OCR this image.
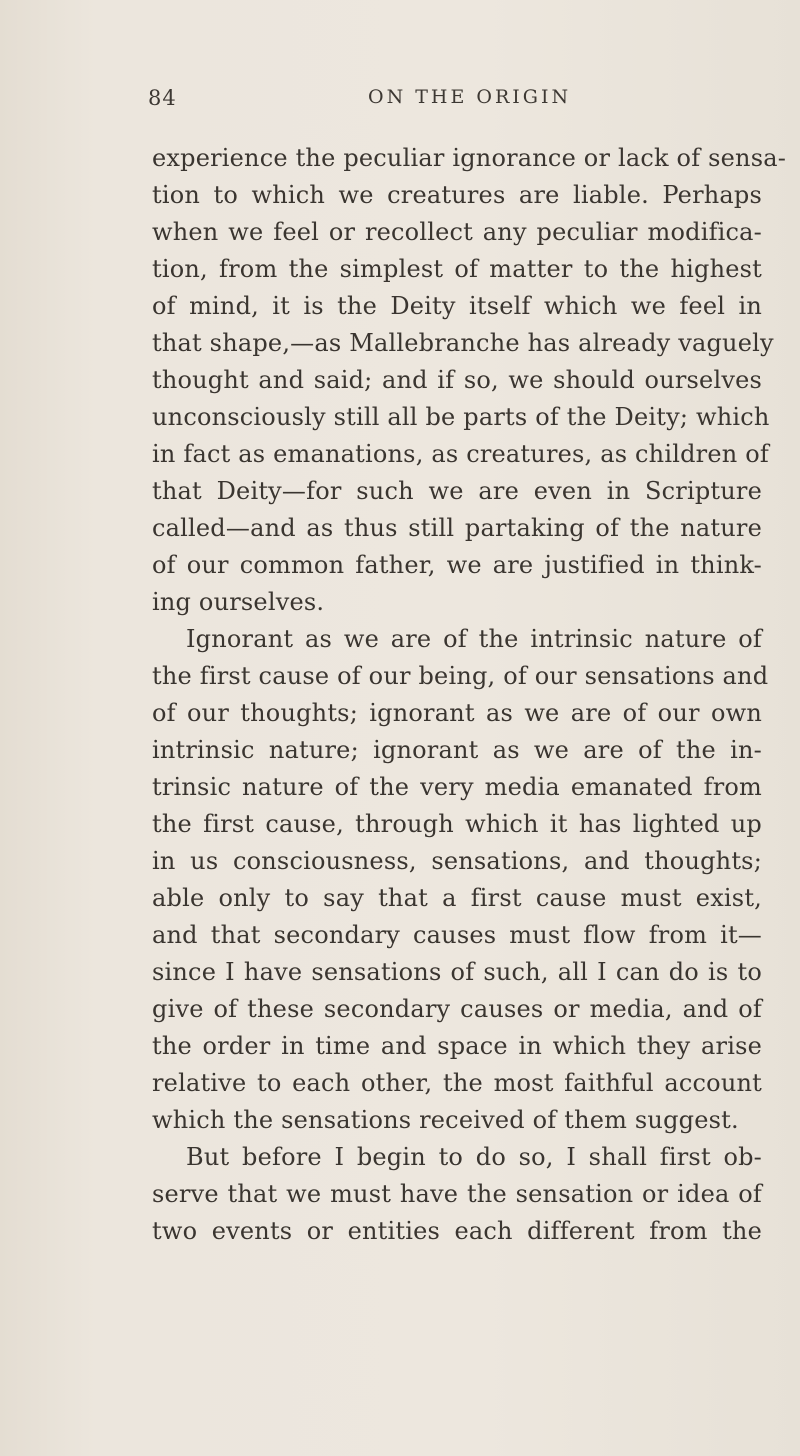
84	ON THE ORIGIN
experience the peculiar ignorance or lack of sensa-
tion to which we creatures are liable. Perhaps
when we feel or recollect any peculiar modifica-
tion, from the simplest of matter to the highest
of mind, it is the Deity itself which we feel in
that shape,—as Mallebranche has already vaguely
thought and said; and if so, we should ourselves
unconsciously still all be parts of the Deity; which
in fact as emanations, as creatures, as children of
that Deity—for such we are even in Scripture
called—and as thus still partaking of the nature
of our common father, we are justified in think-
ing ourselves.
Ignorant as we are of the intrinsic nature of
the first cause of our being, of our sensations and
of our thoughts; ignorant as we are of our own
intrinsic nature; ignorant as we are of the in-
trinsic nature of the very media emanated from
the first cause, through which it has lighted up
in us consciousness, sensations, and thoughts;
able only to say that a first cause must exist,
and that secondary causes must flow from it—
since I have sensations of such, all I can do is to
give of these secondary causes or media, and of
the order in time and space in which they arise
relative to each other, the most faithful account
which the sensations received of them suggest.
But before I begin to do so, I shall first ob-
serve that we must have the sensation or idea of
two events or entities each different from the
